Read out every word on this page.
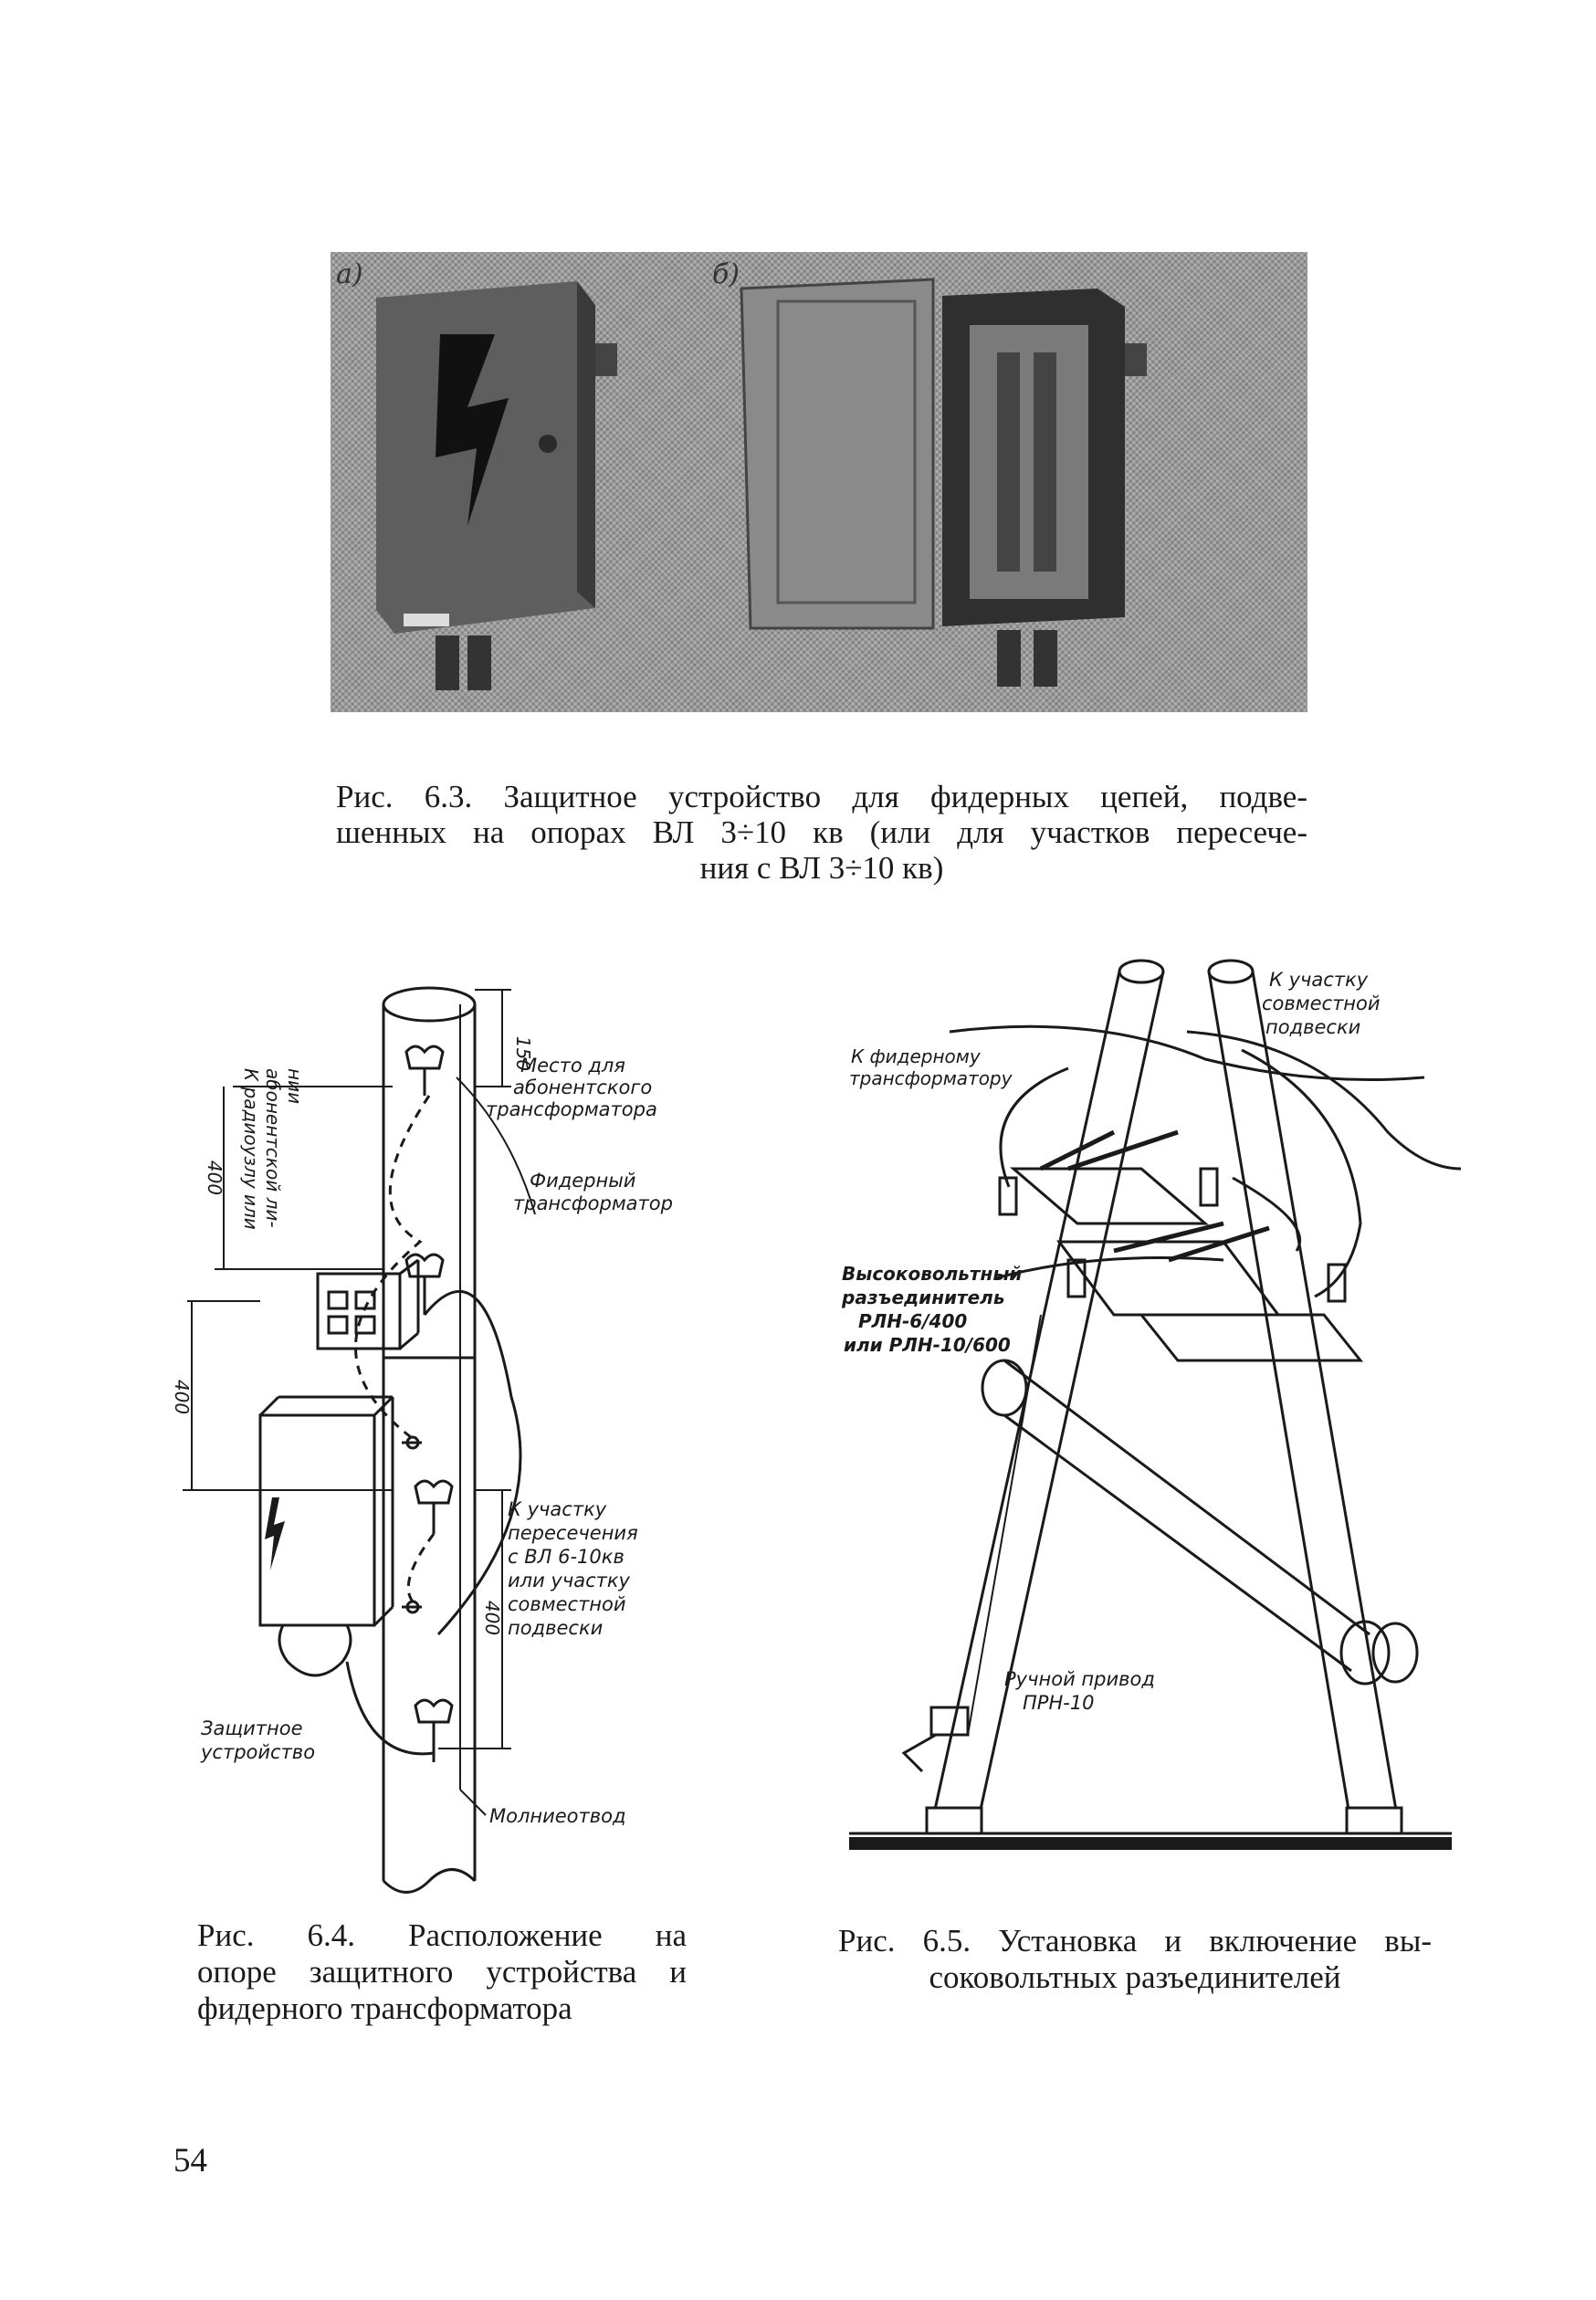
a)	б)
Рис. 6.3. Защитное устройство для фидерных цепей, подве-
шенных на опорах ВЛ 3÷10 кв (или для участков пересече-
ния с ВЛ 3÷10 кв)
150
400
400
400
Место для
абонентского
трансформатора
Фидерный
трансформатор
К радиоузлу или абонентской ли- нии
К участку
пересечения
с ВЛ 6-10кв
или участку
совместной
подвески
Защитное
устройство
Молниеотвод
Рис. 6.4. Расположение на
опоре защитного устройства и
фидерного трансформатора
К участку
совместной
подвески
К фидерному
трансформатору
Высоковольтный
разъединитель
РЛН-6/400
или РЛН-10/600
Ручной привод
ПРН-10
Рис. 6.5. Установка и включение вы-
соковольтных разъединителей
54
